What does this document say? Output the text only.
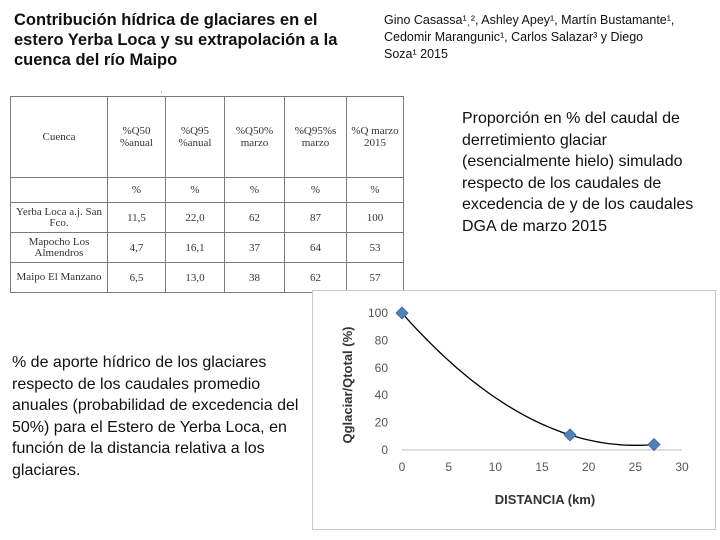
Contribución hídrica de glaciares en el estero Yerba Loca y su extrapolación a la cuenca del río Maipo

Gino Casassa¹ˌ², Ashley Apey¹, Martín Bustamante¹,
Cedomir Marangunic¹, Carlos Salazar³ y Diego
Soza¹ 2015
·
Cuenca	%Q50 %anual	%Q95 %anual	%Q50% marzo	%Q95%s marzo	%Q marzo 2015
	%	%	%	%	%
Yerba Loca a.j. San Fco.	11,5	22,0	62	87	100
Mapocho Los Almendros	4,7	16,1	37	64	53
Maipo El Manzano	6,5	13,0	38	62	57

Proporción en % del caudal de derretimiento glaciar (esencialmente hielo) simulado respecto de los caudales de excedencia de y de los caudales DGA de marzo 2015

% de aporte hídrico de los glaciares respecto de los caudales promedio anuales (probabilidad de excedencia del 50%) para el Estero de Yerba Loca, en función de la distancia relativa a los glaciares.

0
20
40
60
80
100
0	5	10	15	20	25	30
Qglaciar/Qtotal (%)
DISTANCIA (km)
